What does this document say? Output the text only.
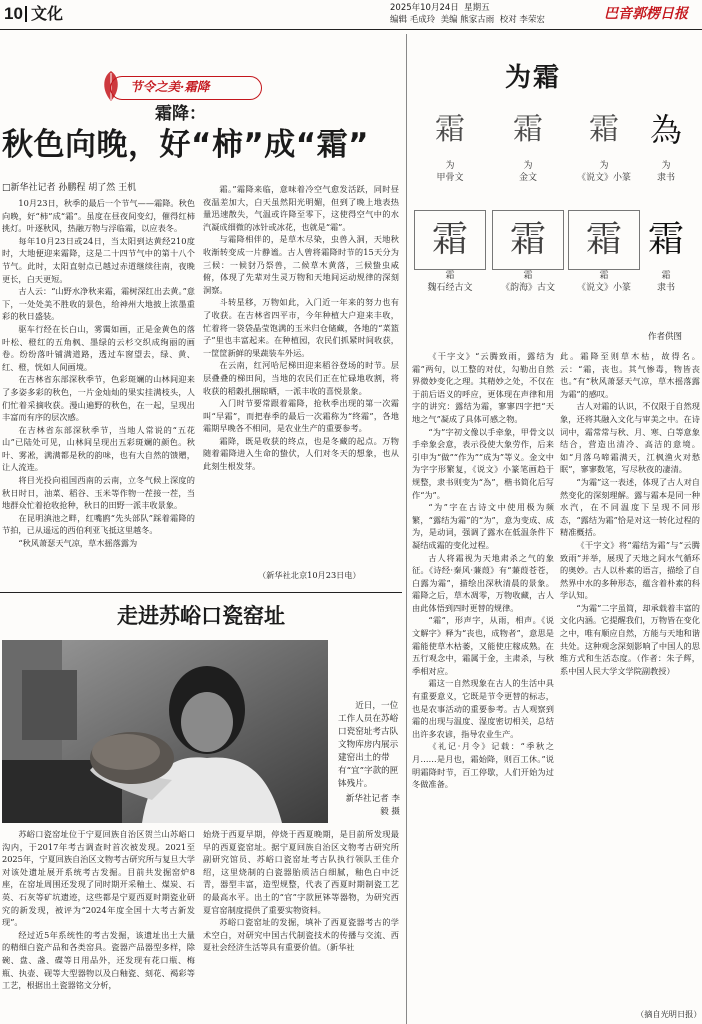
10 文化	2025年10月24日 星期五
编辑 毛成玲 美编 熊家古雨 校对 李荣宏	巴音郭楞日报
节令之美·霜降
霜降：
秋色向晚，好“柿”成“霜”
□新华社记者 孙鹏程 胡了然 王机

10月23日，秋季的最后一个节气——霜降。秋色向晚，好“柿”成“霜”。虽度在昼夜间变幻，催得红柿挑灯。叶逐秋风，热融万物与浮临霜，以应表冬。

每年10月23日或24日，当太阳到达黄经210度时，大地便迎来霜降，这是二十四节气中的第十八个节气。此时，太阳直射点已越过赤道继续往南，夜晚更长，白天更短。

古人云：“山野水净秋来霜，霜树深红出去黄。”意下，一处处美不胜收的景色，给神州大地披上浓墨重彩的秋日盛装。

驱车行经在长白山，雾霭如画，正是金黄色的落叶松、橙红的五角枫、墨绿的云杉交织成绚丽的画卷。纷纷落叶铺满道路，透过车窗望去，绿、黄、红、橙，恍如人间画境。

在吉林省东部深秋季节，色彩斑斓的山林间迎来了多姿多彩的秋色，一片金灿灿的果实挂满枝头，人们忙着采摘收获。漫山遍野的秋色，在一起，呈现出丰富而有序的层次感。

在吉林省东部深秋季节，当地人常说的“五花山”已陆处可见，山林间呈现出五彩斑斓的颜色。秋叶、雾凇，满满都是秋的韵味，也有大自然的馈赠，让人流连。

将目光投向祖国西南的云南，立冬气候上深度的秋日时日，油菜、稻谷、玉米等作物一茬接一茬，当地群众忙着抢收抢种，秋日的田野一派丰收景象。

在昆明滇池之畔，红嘴鸥“先头部队”踩着霜降的节拍，已从遥远的西伯利亚飞抵这里越冬。

“秋风萧瑟天气凉，草木摇落露为

霜。”霜降来临，意味着冷空气愈发活跃，同时昼夜温差加大，白天虽然阳光明媚，但到了晚上地表热量迅速散失，气温或许降至零下，这使得空气中的水汽凝成细微的冰针或冰花，也就是“霜”。

与霜降相伴的，是草木尽染，虫兽入洞，天地秋收渐转变成一片静谧。古人曾将霜降时节的15天分为三候：一候豺乃祭兽，二候草木黄落，三候蛰虫咸俯，体现了先辈对生灵万物和天地间运动规律的深刻洞察。

斗转星移，万物如此，入门近一年来的努力也有了收获。在吉林省四平市，今年种植大户迎来丰收，忙着将一袋袋晶莹饱满的玉米归仓储藏，各地的“菜篮子”里也丰富起来。在种植园，农民们抓紧时间收获，一筐筐新鲜的果蔬装车外运。

在云南，红河哈尼梯田迎来稻谷登场的时节。层层叠叠的梯田间，当地的农民们正在忙碌地收割，将收获的稻穀扎捆晾晒，一派丰收的喜悦景象。

入门时节要常跟着霜降，抢秋季出现的第一次霜叫“早霜”，而把春季的最后一次霜称为“终霜”，各地霜期早晚各不相同，是农业生产的重要参考。

霜降，既是收获的终点，也是冬藏的起点。万物随着霜降进入生命的蛰伏，人们对冬天的想象，也从此刻生根发芽。

（新华社北京10月23日电）
走进苏峪口瓷窑址
近日，一位工作人员在苏峪口瓷窑址考古队文物库房内展示建窑出土的带有“宜”字款的匣钵残片。
新华社记者 李毅 摄

苏峪口瓷窑址位于宁夏回族自治区贺兰山苏峪口沟内，于2017年考古调查时首次被发现。2021至2025年，宁夏回族自治区文物考古研究所与复旦大学对该处遗址展开系统考古发掘。目前共发掘窑炉8座，在窑址周围还发现了同时期开采釉土、煤炭、石英、石灰等矿坑遗迹，这些都是宁夏西夏时期瓷业研究的新发现，被评为“2024年度全国十大考古新发现”。

经过近5年系统性的考古发掘，该遗址出土大量的精细白瓷产品和各类窑具。瓷器产品器型多样，除碗、盘、盏、碟等日用品外，还发现有花口瓶、梅瓶、执壶、砚等大型器物以及白釉瓷、刻花、褐彩等工艺，根据出土瓷器铭文分析，

始烧于西夏早期，停烧于西夏晚期，是目前所发现最早的西夏瓷窑址。据宁夏回族自治区文物考古研究所副研究馆员、苏峪口瓷窑址考古队执行领队王佳介绍，这里烧制的白瓷器胎质洁白细腻，釉色白中泛青，器型丰富，造型规整，代表了西夏时期制瓷工艺的最高水平。出土的“官”字款匣钵等器物，为研究西夏官窑制度提供了重要实物资料。

苏峪口瓷窑址的发掘，填补了西夏瓷器考古的学术空白，对研究中国古代制瓷技术的传播与交流、西夏社会经济生活等具有重要价值。（新华社

为霜
霜
为
甲骨文
霜
为
金文
霜
为
《说文》小篆
為
为
隶书
霜
霜
魏石经古文
霜
霜
《韵海》古文
霜
霜
《说文》小篆
霜
霜
隶书
作者供图

《干字文》“云腾致雨，露结为霜”两句，以工整的对仗，勾勒出自然界微妙变化之理。其精妙之处，不仅在于前后语义的呼应，更体现在声律和用字的讲究：露结为霜，寥寥四字把“天地之气”凝成了具体可感之物。

“为”字初文像以手牵象，甲骨文以手牵象会意，表示役使大象劳作，后来引申为“做”“作为”“成为”等义。金文中为字字形繁复，《说文》小篆笔画趋于规整，隶书则变为“為”，楷书简化后写作“为”。

“为”字在古诗文中使用极为频繁，“露结为霜”的“为”，意为变成、成为，是动词，强调了露水在低温条件下凝结成霜的变化过程。

古人将霜视为天地肃杀之气的象征。《诗经·秦风·蒹葭》有“蒹葭苍苍，白露为霜”，描绘出深秋清晨的景象。霜降之后，草木凋零，万物收藏，古人由此体悟到四时更替的规律。

“霜”，形声字，从雨，相声。《说文解字》释为“丧也，成物者”，意思是霜能使草木枯萎，又能使庄稼成熟。在五行观念中，霜属于金，主肃杀，与秋季相对应。

霜这一自然现象在古人的生活中具有重要意义，它既是节令更替的标志，也是农事活动的重要参考。古人观察到霜的出现与温度、湿度密切相关，总结出许多农谚，指导农业生产。

《礼记·月令》记载：“季秋之月……是月也，霜始降，则百工休。”说明霜降时节，百工停歇，人们开始为过冬做准备。

此。霜降至则草木枯，故得名。云：“霜，丧也。其气惨毒，物皆丧也。”有“秋风萧瑟天气凉，草木摇落露为霜”的感叹。

古人对霜的认识，不仅限于自然现象，还将其融入文化与审美之中。在诗词中，霜常常与秋、月、寒、白等意象结合，营造出清冷、高洁的意境。如“月落乌啼霜满天，江枫渔火对愁眠”，寥寥数笔，写尽秋夜的凄清。

“为霜”这一表述，体现了古人对自然变化的深刻理解。露与霜本是同一种水汽，在不同温度下呈现不同形态，“露结为霜”恰是对这一转化过程的精准概括。

《干字文》将“霜结为霜”与“云腾致雨”并举，展现了天地之间水气循环的奥妙。古人以朴素的语言，描绘了自然界中水的多种形态，蕴含着朴素的科学认知。

“为霜”二字虽简，却承载着丰富的文化内涵。它提醒我们，万物皆在变化之中，唯有顺应自然，方能与天地和谐共处。这种观念深刻影响了中国人的思维方式和生活态度。（作者：朱子辉，系中国人民大学文学院副教授）

（摘自光明日报）
